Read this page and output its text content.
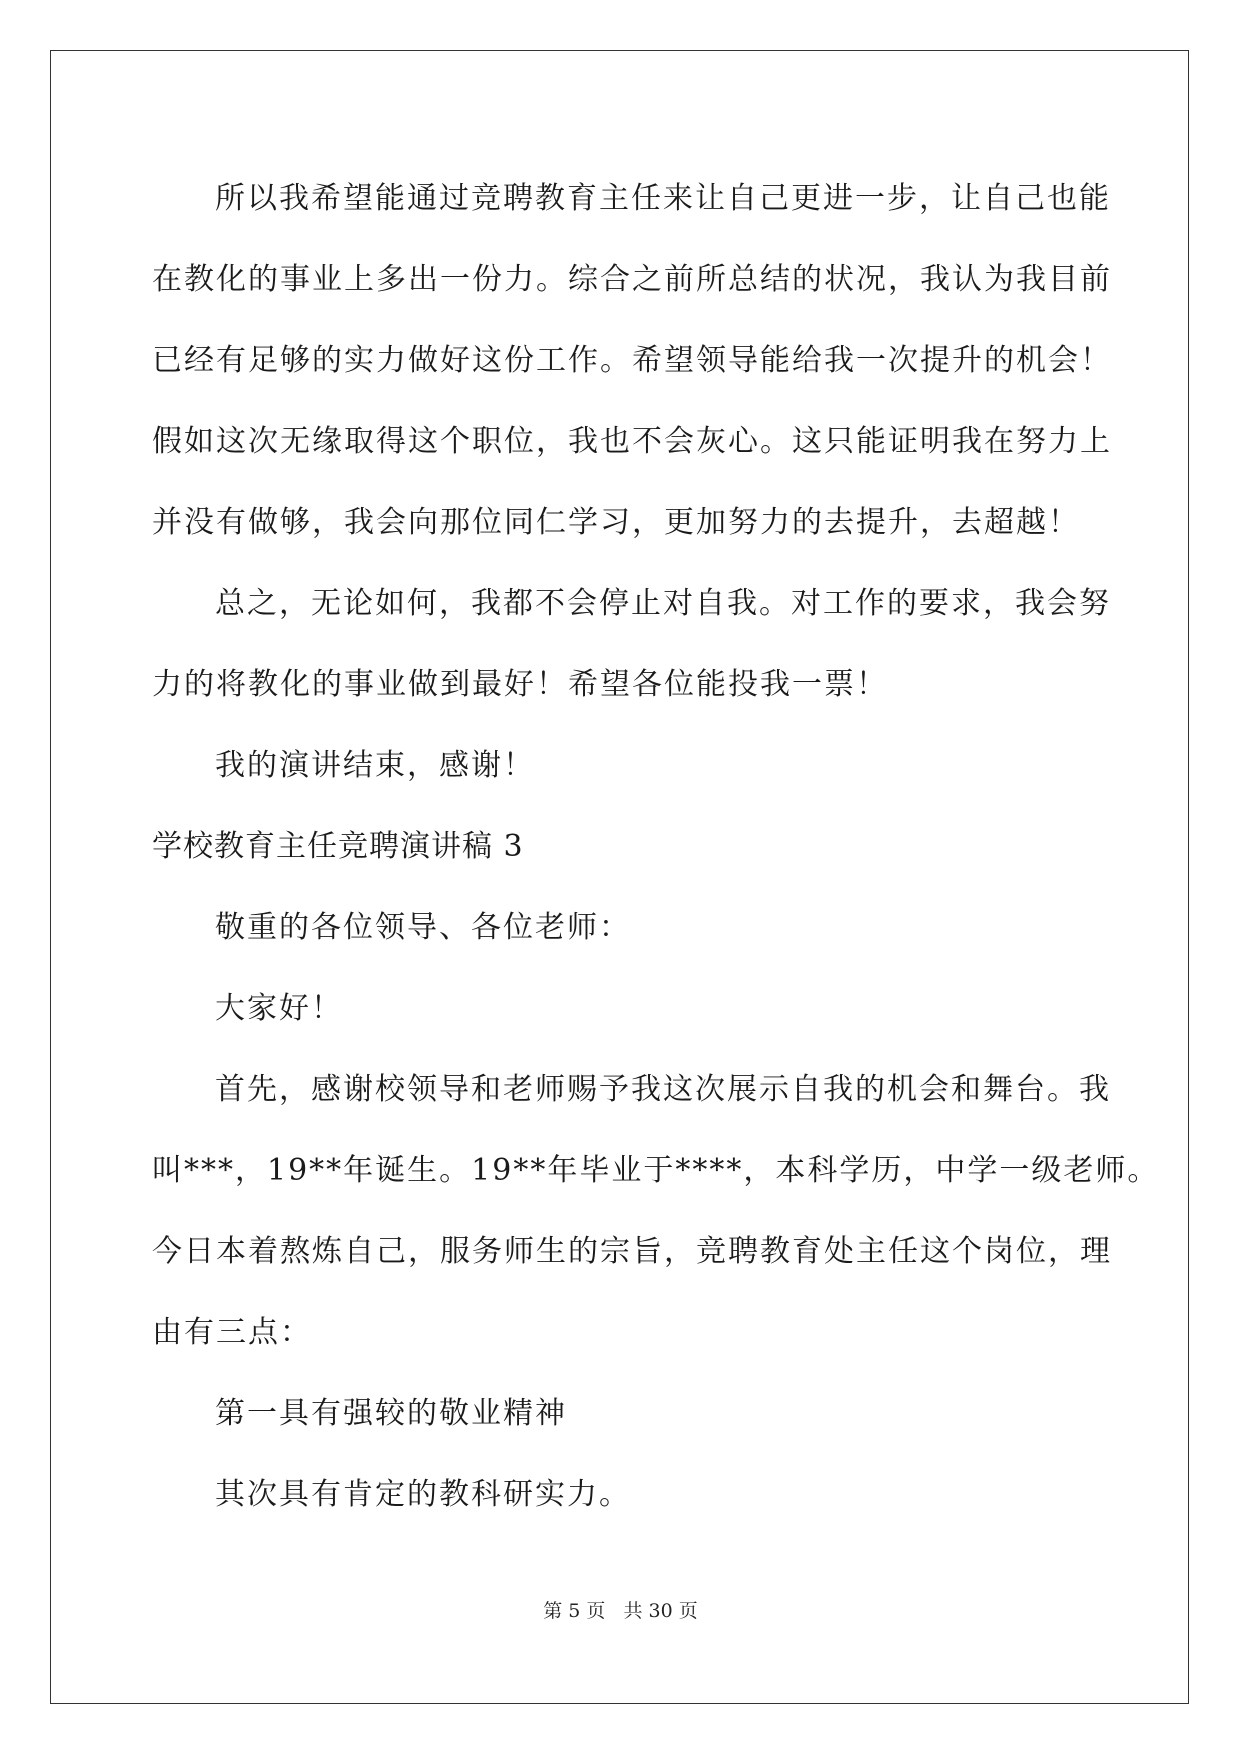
所以我希望能通过竞聘教育主任来让自己更进一步，让自己也能
在教化的事业上多出一份力。综合之前所总结的状况，我认为我目前
已经有足够的实力做好这份工作。希望领导能给我一次提升的机会！
假如这次无缘取得这个职位，我也不会灰心。这只能证明我在努力上
并没有做够，我会向那位同仁学习，更加努力的去提升，去超越！
总之，无论如何，我都不会停止对自我。对工作的要求，我会努
力的将教化的事业做到最好！希望各位能投我一票！
我的演讲结束，感谢！
学校教育主任竞聘演讲稿 3
敬重的各位领导、各位老师：
大家好！
首先，感谢校领导和老师赐予我这次展示自我的机会和舞台。我
叫***，19**年诞生。19**年毕业于****，本科学历，中学一级老师。
今日本着熬炼自己，服务师生的宗旨，竞聘教育处主任这个岗位，理
由有三点：
第一具有强较的敬业精神
其次具有肯定的教科研实力。
第 5 页 共 30 页
